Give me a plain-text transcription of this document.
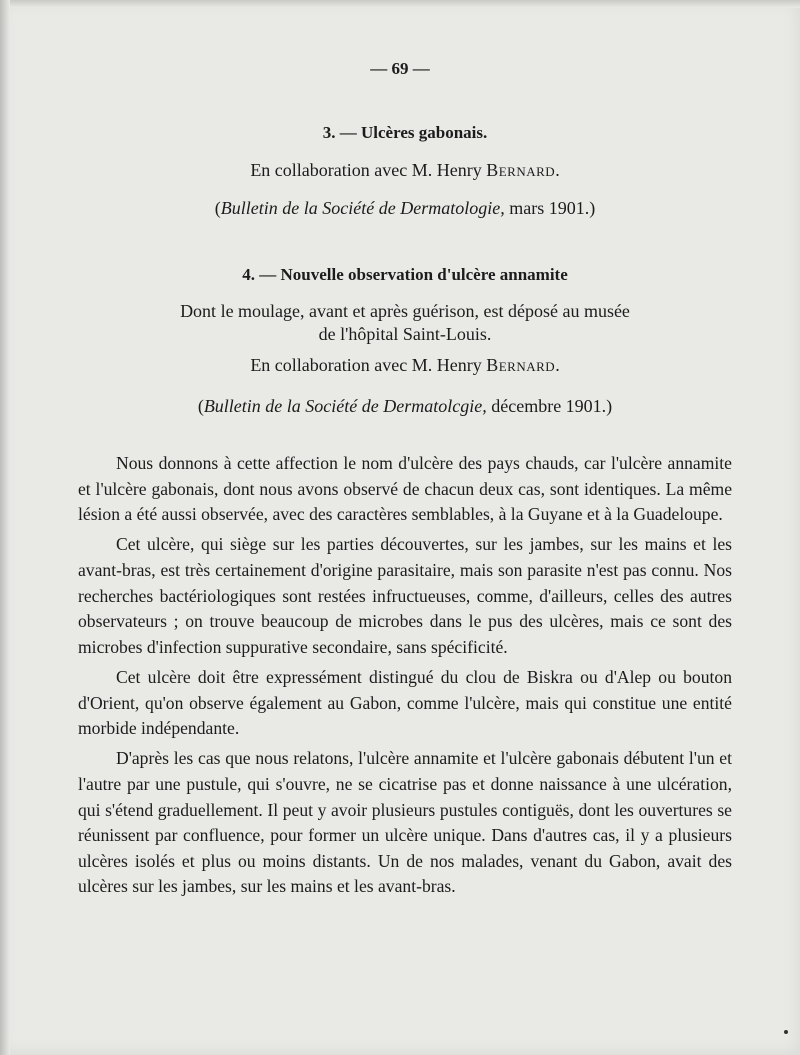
— 69 —
3. — Ulcères gabonais.
En collaboration avec M. Henry Bernard.
(Bulletin de la Société de Dermatologie, mars 1901.)
4. — Nouvelle observation d'ulcère annamite
Dont le moulage, avant et après guérison, est déposé au musée
de l'hôpital Saint-Louis.
En collaboration avec M. Henry Bernard.
(Bulletin de la Société de Dermatolcgie, décembre 1901.)

Nous donnons à cette affection le nom d'ulcère des pays chauds, car l'ulcère annamite et l'ulcère gabonais, dont nous avons observé de chacun deux cas, sont identiques. La même lésion a été aussi observée, avec des caractères semblables, à la Guyane et à la Guadeloupe.

Cet ulcère, qui siège sur les parties découvertes, sur les jambes, sur les mains et les avant-bras, est très certainement d'origine parasitaire, mais son parasite n'est pas connu. Nos recherches bactériologiques sont restées infructueuses, comme, d'ailleurs, celles des autres observateurs ; on trouve beaucoup de microbes dans le pus des ulcères, mais ce sont des microbes d'infection suppurative secondaire, sans spécificité.

Cet ulcère doit être expressément distingué du clou de Biskra ou d'Alep ou bouton d'Orient, qu'on observe également au Gabon, comme l'ulcère, mais qui constitue une entité morbide indépendante.

D'après les cas que nous relatons, l'ulcère annamite et l'ulcère gabonais débutent l'un et l'autre par une pustule, qui s'ouvre, ne se cicatrise pas et donne naissance à une ulcération, qui s'étend graduellement. Il peut y avoir plusieurs pustules contiguës, dont les ouvertures se réunissent par confluence, pour former un ulcère unique. Dans d'autres cas, il y a plusieurs ulcères isolés et plus ou moins distants. Un de nos malades, venant du Gabon, avait des ulcères sur les jambes, sur les mains et les avant-bras.
